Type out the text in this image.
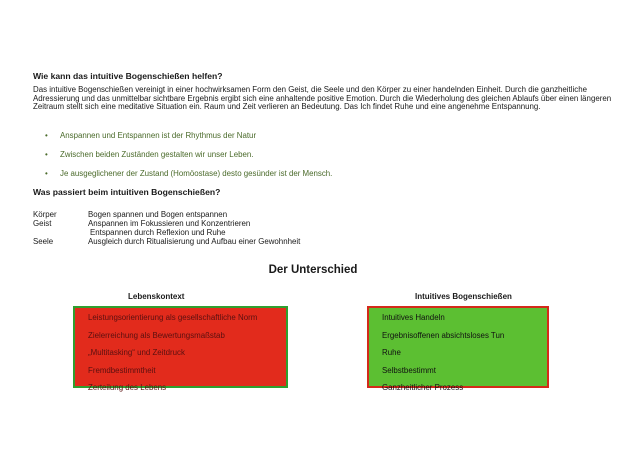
Wie kann das intuitive Bogenschießen helfen?
Das intuitive Bogenschießen vereinigt in einer hochwirksamen Form den Geist, die Seele und den Körper zu einer handelnden Einheit. Durch die ganzheitliche Adressierung und das unmittelbar sichtbare Ergebnis ergibt sich eine anhaltende positive Emotion. Durch die Wiederholung des gleichen Ablaufs über einen längeren Zeitraum stellt sich eine meditative Situation ein. Raum und Zeit verlieren an Bedeutung. Das Ich findet Ruhe und eine angenehme Entspannung.
• Anspannen und Entspannen ist der Rhythmus der Natur
• Zwischen beiden Zuständen gestalten wir unser Leben.
• Je ausgeglichener der Zustand (Homöostase) desto gesünder ist der Mensch.
Was passiert beim intuitiven Bogenschießen?
Körper	Bogen spannen und Bogen entspannen
Geist	Anspannen im Fokussieren und Konzentrieren
Entspannen durch Reflexion und Ruhe
Seele	Ausgleich durch Ritualisierung und Aufbau einer Gewohnheit
Der Unterschied
Lebenskontext	Intuitives Bogenschießen
Leistungsorientierung als gesellschaftliche Norm
Zielerreichung als Bewertungsmaßstab
„Multitasking“ und Zeitdruck
Fremdbestimmtheit
Zerteilung des Lebens
Intuitives Handeln
Ergebnisoffenen absichtsloses Tun
Ruhe
Selbstbestimmt
Ganzheitlicher Prozess
